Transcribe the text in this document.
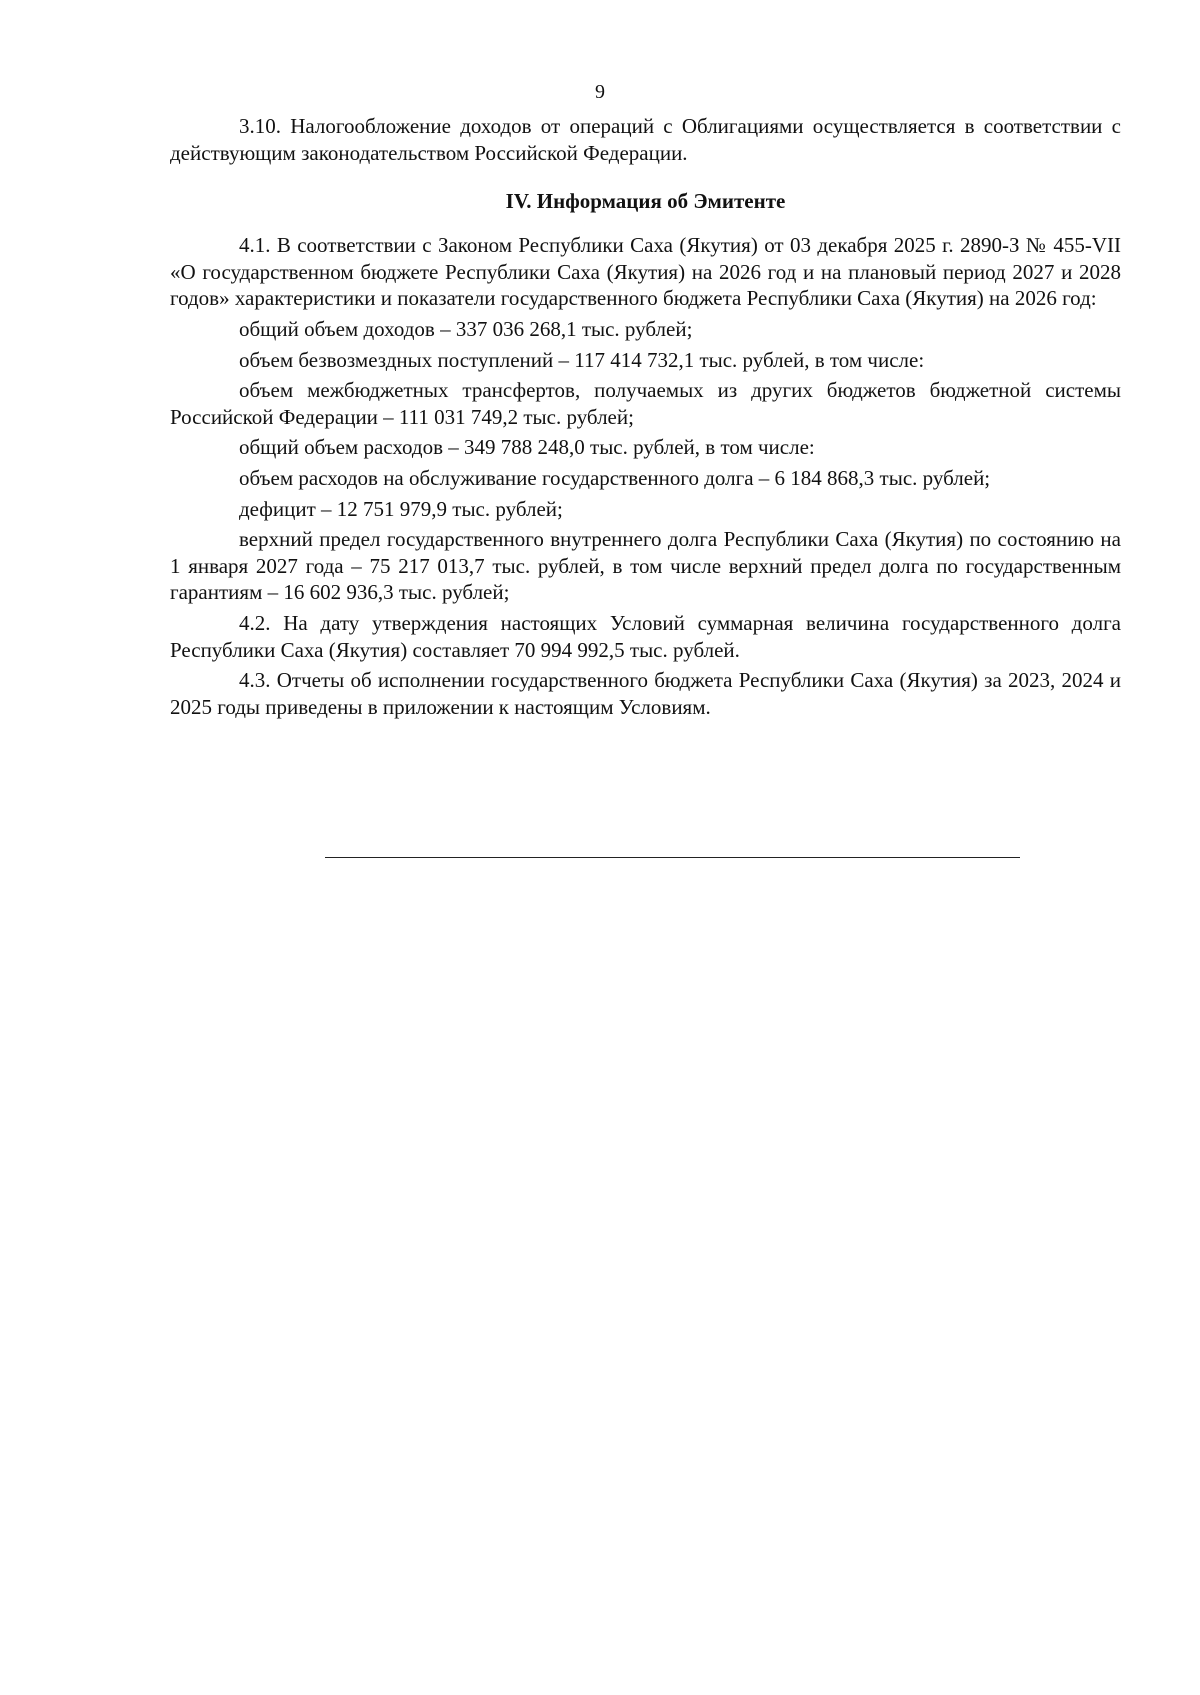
9

3.10. Налогообложение доходов от операций с Облигациями осуществляется в соответствии с действующим законодательством Российской Федерации.

IV. Информация об Эмитенте

4.1. В соответствии с Законом Республики Саха (Якутия) от 03 декабря 2025 г. 2890-З № 455-VII «О государственном бюджете Республики Саха (Якутия) на 2026 год и на плановый период 2027 и 2028 годов» характеристики и показатели государственного бюджета Республики Саха (Якутия) на 2026 год:

общий объем доходов – 337 036 268,1 тыс. рублей;

объем безвозмездных поступлений – 117 414 732,1 тыс. рублей, в том числе:

объем межбюджетных трансфертов, получаемых из других бюджетов бюджетной системы Российской Федерации – 111 031 749,2 тыс. рублей;

общий объем расходов – 349 788 248,0 тыс. рублей, в том числе:

объем расходов на обслуживание государственного долга – 6 184 868,3 тыс. рублей;

дефицит – 12 751 979,9 тыс. рублей;

верхний предел государственного внутреннего долга Республики Саха (Якутия) по состоянию на 1 января 2027 года – 75 217 013,7 тыс. рублей, в том числе верхний предел долга по государственным гарантиям – 16 602 936,3 тыс. рублей;

4.2. На дату утверждения настоящих Условий суммарная величина государственного долга Республики Саха (Якутия) составляет 70 994 992,5 тыс. рублей.

4.3. Отчеты об исполнении государственного бюджета Республики Саха (Якутия) за 2023, 2024 и 2025 годы приведены в приложении к настоящим Условиям.
